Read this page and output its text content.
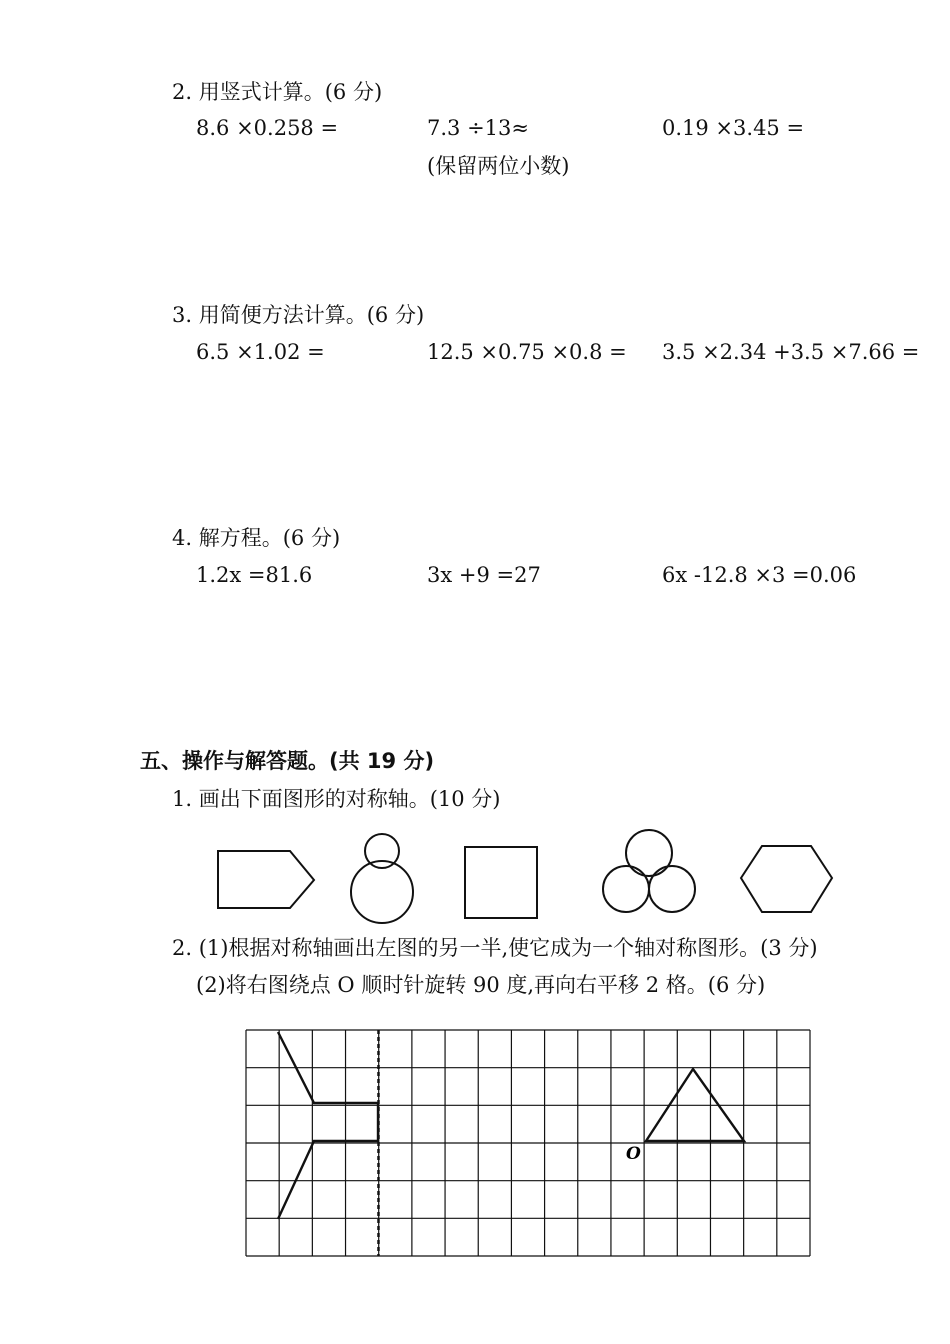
2. 用竖式计算。(6 分)
8.6 ×0.258 =	7.3 ÷13≈	0.19 ×3.45 =
(保留两位小数)
3. 用简便方法计算。(6 分)
6.5 ×1.02 =	12.5 ×0.75 ×0.8 = 3.5 ×2.34 +3.5 ×7.66 =
4. 解方程。(6 分)
1.2x =81.6	3x +9 =27	6x -12.8 ×3 =0.06
五、操作与解答题。(共 19 分)
1. 画出下面图形的对称轴。(10 分)
2. (1)根据对称轴画出左图的另一半,使它成为一个轴对称图形。(3 分)
(2)将右图绕点 O 顺时针旋转 90 度,再向右平移 2 格。(6 分)
O
